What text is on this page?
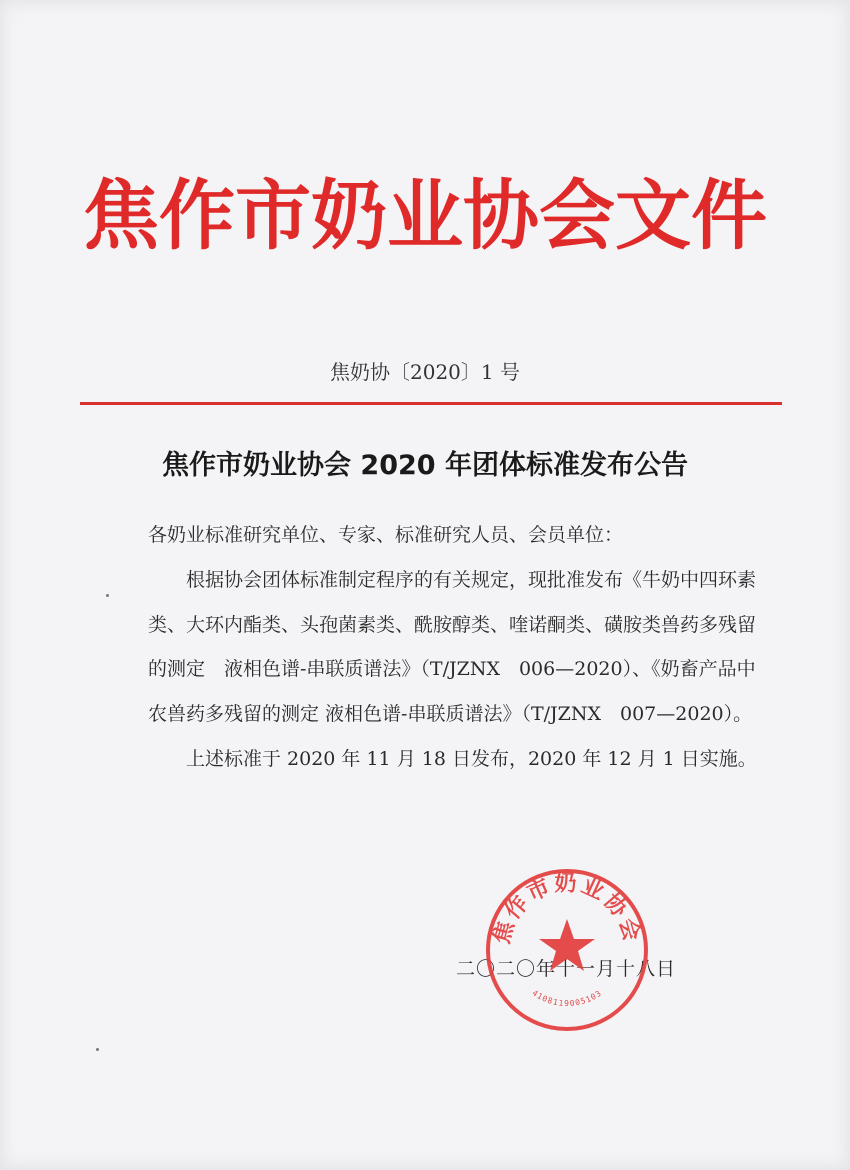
焦作市奶业协会文件
焦奶协〔2020〕1 号
焦作市奶业协会 2020 年团体标准发布公告

各奶业标准研究单位、专家、标准研究人员、会员单位：

根据协会团体标准制定程序的有关规定，现批准发布《牛奶中四环素类、大环内酯类、头孢菌素类、酰胺醇类、喹诺酮类、磺胺类兽药多残留的测定　液相色谱-串联质谱法》（T/JZNX　006—2020）、《奶畜产品中农兽药多残留的测定 液相色谱-串联质谱法》（T/JZNX　007—2020）。

上述标准于 2020 年 11 月 18 日发布，2020 年 12 月 1 日实施。

二〇二〇年十一月十八日
焦作市奶业协会
4108119005103
